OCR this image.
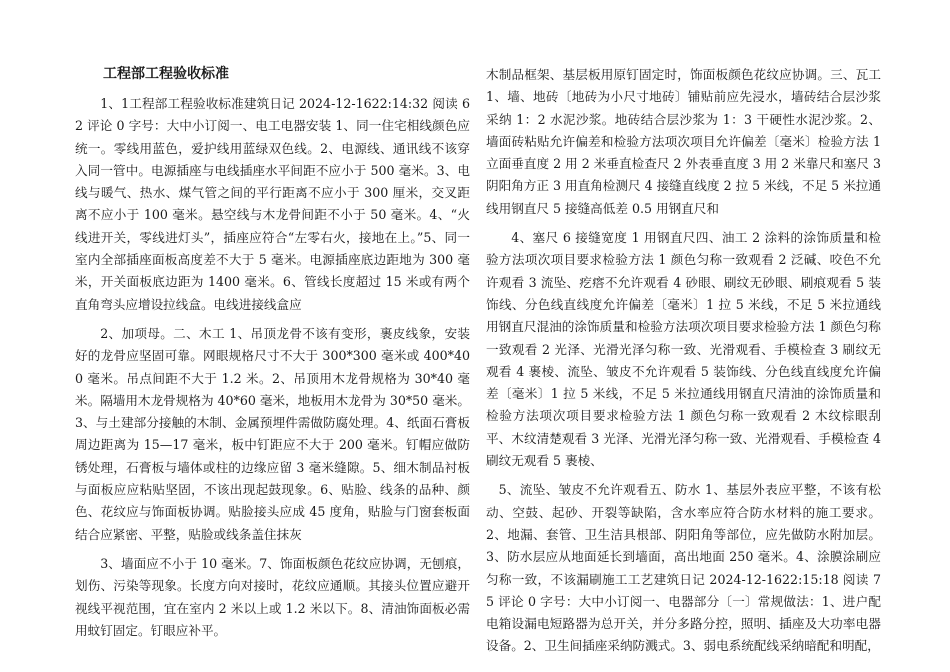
工程部工程验收标准

1、1工程部工程验收标准建筑日记 2024-12-1622:14:32 阅读 62 评论 0 字号：大中小订阅一、电工电器安装 1、同一住宅相线颜色应统一。零线用蓝色，爱护线用蓝绿双色线。2、电源线、通讯线不该穿入同一管中。电源插座与电线插座水平间距不应小于 500 毫米。3、电线与暖气、热水、煤气管之间的平行距离不应小于 300 厘米，交叉距离不应小于 100 毫米。悬空线与木龙骨间距不小于 50 毫米。4、“火线进开关，零线进灯头”，插座应符合“左零右火，接地在上。”5、同一室内全部插座面板高度差不大于 5 毫米。电源插座底边距地为 300 毫米，开关面板底边距为 1400 毫米。6、管线长度超过 15 米或有两个直角弯头应增设拉线盒。电线进接线盒应

2、加项母。二、木工 1、吊顶龙骨不该有变形，裹皮线象，安装好的龙骨应坚固可靠。网眼规格尺寸不大于 300*300 毫米或 400*400 毫米。吊点间距不大于 1.2 米。2、吊顶用木龙骨规格为 30*40 毫米。隔墙用木龙骨规格为 40*60 毫米，地板用木龙骨为 30*50 毫米。3、与土建部分接触的木制、金属预埋件需做防腐处理。4、纸面石膏板周边距离为 15—17 毫米，板中钉距应不大于 200 毫米。钉帽应做防锈处理，石膏板与墙体或柱的边缘应留 3 毫米缝隙。5、细木制品衬板与面板应应粘贴坚固，不该出现起鼓现象。6、贴脸、线条的品种、颜色、花纹应与饰面板协调。贴脸接头应成 45 度角，贴脸与门窗套板面结合应紧密、平整，贴脸或线条盖住抹灰

3、墙面应不小于 10 毫米。7、饰面板颜色花纹应协调，无刨痕，划伤、污染等现象。长度方向对接时，花纹应通顺。其接头位置应避开视线平视范围，宜在室内 2 米以上或 1.2 米以下。8、清油饰面板必需用蚊钉固定。钉眼应补平。

木制品框架、基层板用原钉固定时，饰面板颜色花纹应协调。三、瓦工 1、墙、地砖〔地砖为小尺寸地砖〕铺贴前应先浸水，墙砖结合层沙浆采纳 1：2 水泥沙浆。地砖结合层沙浆为 1：3 干硬性水泥沙浆。2、墙面砖粘贴允许偏差和检验方法项次项目允许偏差〔毫米〕检验方法 1 立面垂直度 2 用 2 米垂直检查尺 2 外表垂直度 3 用 2 米靠尺和塞尺 3 阴阳角方正 3 用直角检测尺 4 接缝直线度 2 拉 5 米线，不足 5 米拉通线用钢直尺 5 接缝高低差 0.5 用钢直尺和

4、塞尺 6 接缝宽度 1 用钢直尺四、油工 2 涂料的涂饰质量和检验方法项次项目要求检验方法 1 颜色匀称一致观看 2 泛碱、咬色不允许观看 3 流坠、疙瘩不允许观看 4 砂眼、刷纹无砂眼、刷痕观看 5 装饰线、分色线直线度允许偏差〔毫米〕1 拉 5 米线，不足 5 米拉通线用钢直尺混油的涂饰质量和检验方法项次项目要求检验方法 1 颜色匀称一致观看 2 光泽、光滑光泽匀称一致、光滑观看、手模检查 3 刷纹无观看 4 裹棱、流坠、皱皮不允许观看 5 装饰线、分色线直线度允许偏差〔毫米〕1 拉 5 米线，不足 5 米拉通线用钢直尺清油的涂饰质量和检验方法项次项目要求检验方法 1 颜色匀称一致观看 2 木纹棕眼刮平、木纹清楚观看 3 光泽、光滑光泽匀称一致、光滑观看、手模检查 4 刷纹无观看 5 裹棱、

5、流坠、皱皮不允许观看五、防水 1、基层外表应平整，不该有松动、空鼓、起砂、开裂等缺陷，含水率应符合防水材料的施工要求。2、地漏、套管、卫生洁具根部、阴阳角等部位，应先做防水附加层。3、防水层应从地面延长到墙面，高出地面 250 毫米。4、涂膜涂刷应匀称一致，不该漏刷施工工艺建筑日记 2024-12-1622:15:18 阅读 75 评论 0 字号：大中小订阅一、电器部分〔一〕常规做法：1、进户配电箱设漏电短路器为总开关，并分多路分控，照明、插座及大功率电器设备。2、卫生间插座采纳防溅式。3、弱电系统配线采纳暗配和明配，
